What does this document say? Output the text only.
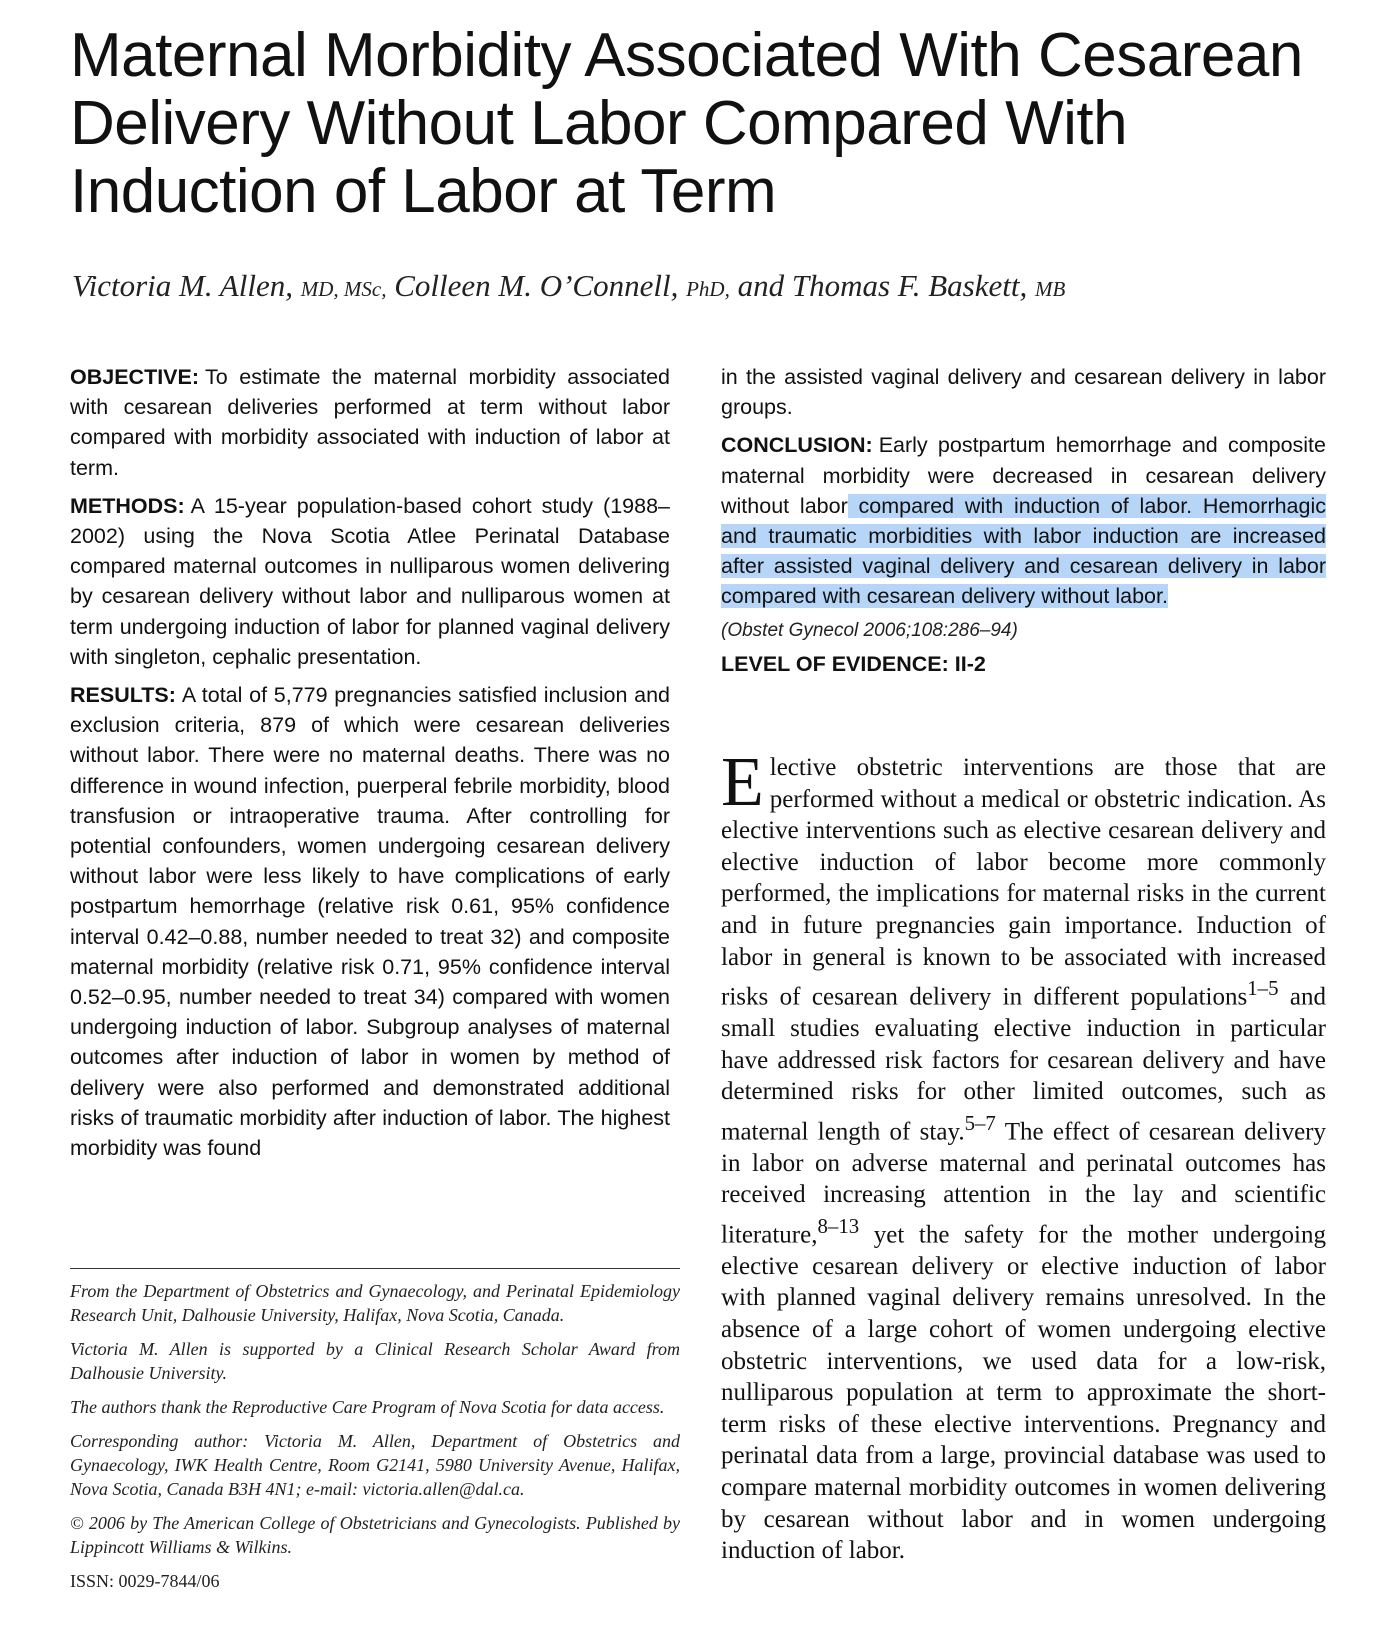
Maternal Morbidity Associated With Cesarean Delivery Without Labor Compared With Induction of Labor at Term
Victoria M. Allen, MD, MSc, Colleen M. O’Connell, PhD, and Thomas F. Baskett, MB

OBJECTIVE: To estimate the maternal morbidity associated with cesarean deliveries performed at term without labor compared with morbidity associated with induction of labor at term.

METHODS: A 15-year population-based cohort study (1988–2002) using the Nova Scotia Atlee Perinatal Database compared maternal outcomes in nulliparous women delivering by cesarean delivery without labor and nulliparous women at term undergoing induction of labor for planned vaginal delivery with singleton, cephalic presentation.

RESULTS: A total of 5,779 pregnancies satisfied inclusion and exclusion criteria, 879 of which were cesarean deliveries without labor. There were no maternal deaths. There was no difference in wound infection, puerperal febrile morbidity, blood transfusion or intraoperative trauma. After controlling for potential confounders, women undergoing cesarean delivery without labor were less likely to have complications of early postpartum hemorrhage (relative risk 0.61, 95% confidence interval 0.42–0.88, number needed to treat 32) and composite maternal morbidity (relative risk 0.71, 95% confidence interval 0.52–0.95, number needed to treat 34) compared with women undergoing induction of labor. Subgroup analyses of maternal outcomes after induction of labor in women by method of delivery were also performed and demonstrated additional risks of traumatic morbidity after induction of labor. The highest morbidity was found

in the assisted vaginal delivery and cesarean delivery in labor groups.

CONCLUSION: Early postpartum hemorrhage and composite maternal morbidity were decreased in cesarean delivery without labor compared with induction of labor. Hemorrhagic and traumatic morbidities with labor induction are increased after assisted vaginal delivery and cesarean delivery in labor compared with cesarean delivery without labor.

(Obstet Gynecol 2006;108:286–94)

LEVEL OF EVIDENCE: II-2

Elective obstetric interventions are those that are performed without a medical or obstetric indication. As elective interventions such as elective cesarean delivery and elective induction of labor become more commonly performed, the implications for maternal risks in the current and in future pregnancies gain importance. Induction of labor in general is known to be associated with increased risks of cesarean delivery in different populations$^{1-5}$ and small studies evaluating elective induction in particular have addressed risk factors for cesarean delivery and have determined risks for other limited outcomes, such as maternal length of stay.$^{5-7}$ The effect of cesarean delivery in labor on adverse maternal and perinatal outcomes has received increasing attention in the lay and scientific literature,$^{8-13}$ yet the safety for the mother undergoing elective cesarean delivery or elective induction of labor with planned vaginal delivery remains unresolved. In the absence of a large cohort of women undergoing elective obstetric interventions, we used data for a low-risk, nulliparous population at term to approximate the short-term risks of these elective interventions. Pregnancy and perinatal data from a large, provincial database was used to compare maternal morbidity outcomes in women delivering by cesarean without labor and in women undergoing induction of labor.

From the Department of Obstetrics and Gynaecology, and Perinatal Epidemiology Research Unit, Dalhousie University, Halifax, Nova Scotia, Canada.

Victoria M. Allen is supported by a Clinical Research Scholar Award from Dalhousie University.

The authors thank the Reproductive Care Program of Nova Scotia for data access.

Corresponding author: Victoria M. Allen, Department of Obstetrics and Gynaecology, IWK Health Centre, Room G2141, 5980 University Avenue, Halifax, Nova Scotia, Canada B3H 4N1; e-mail: victoria.allen@dal.ca.

© 2006 by The American College of Obstetricians and Gynecologists. Published by Lippincott Williams & Wilkins.

ISSN: 0029-7844/06
